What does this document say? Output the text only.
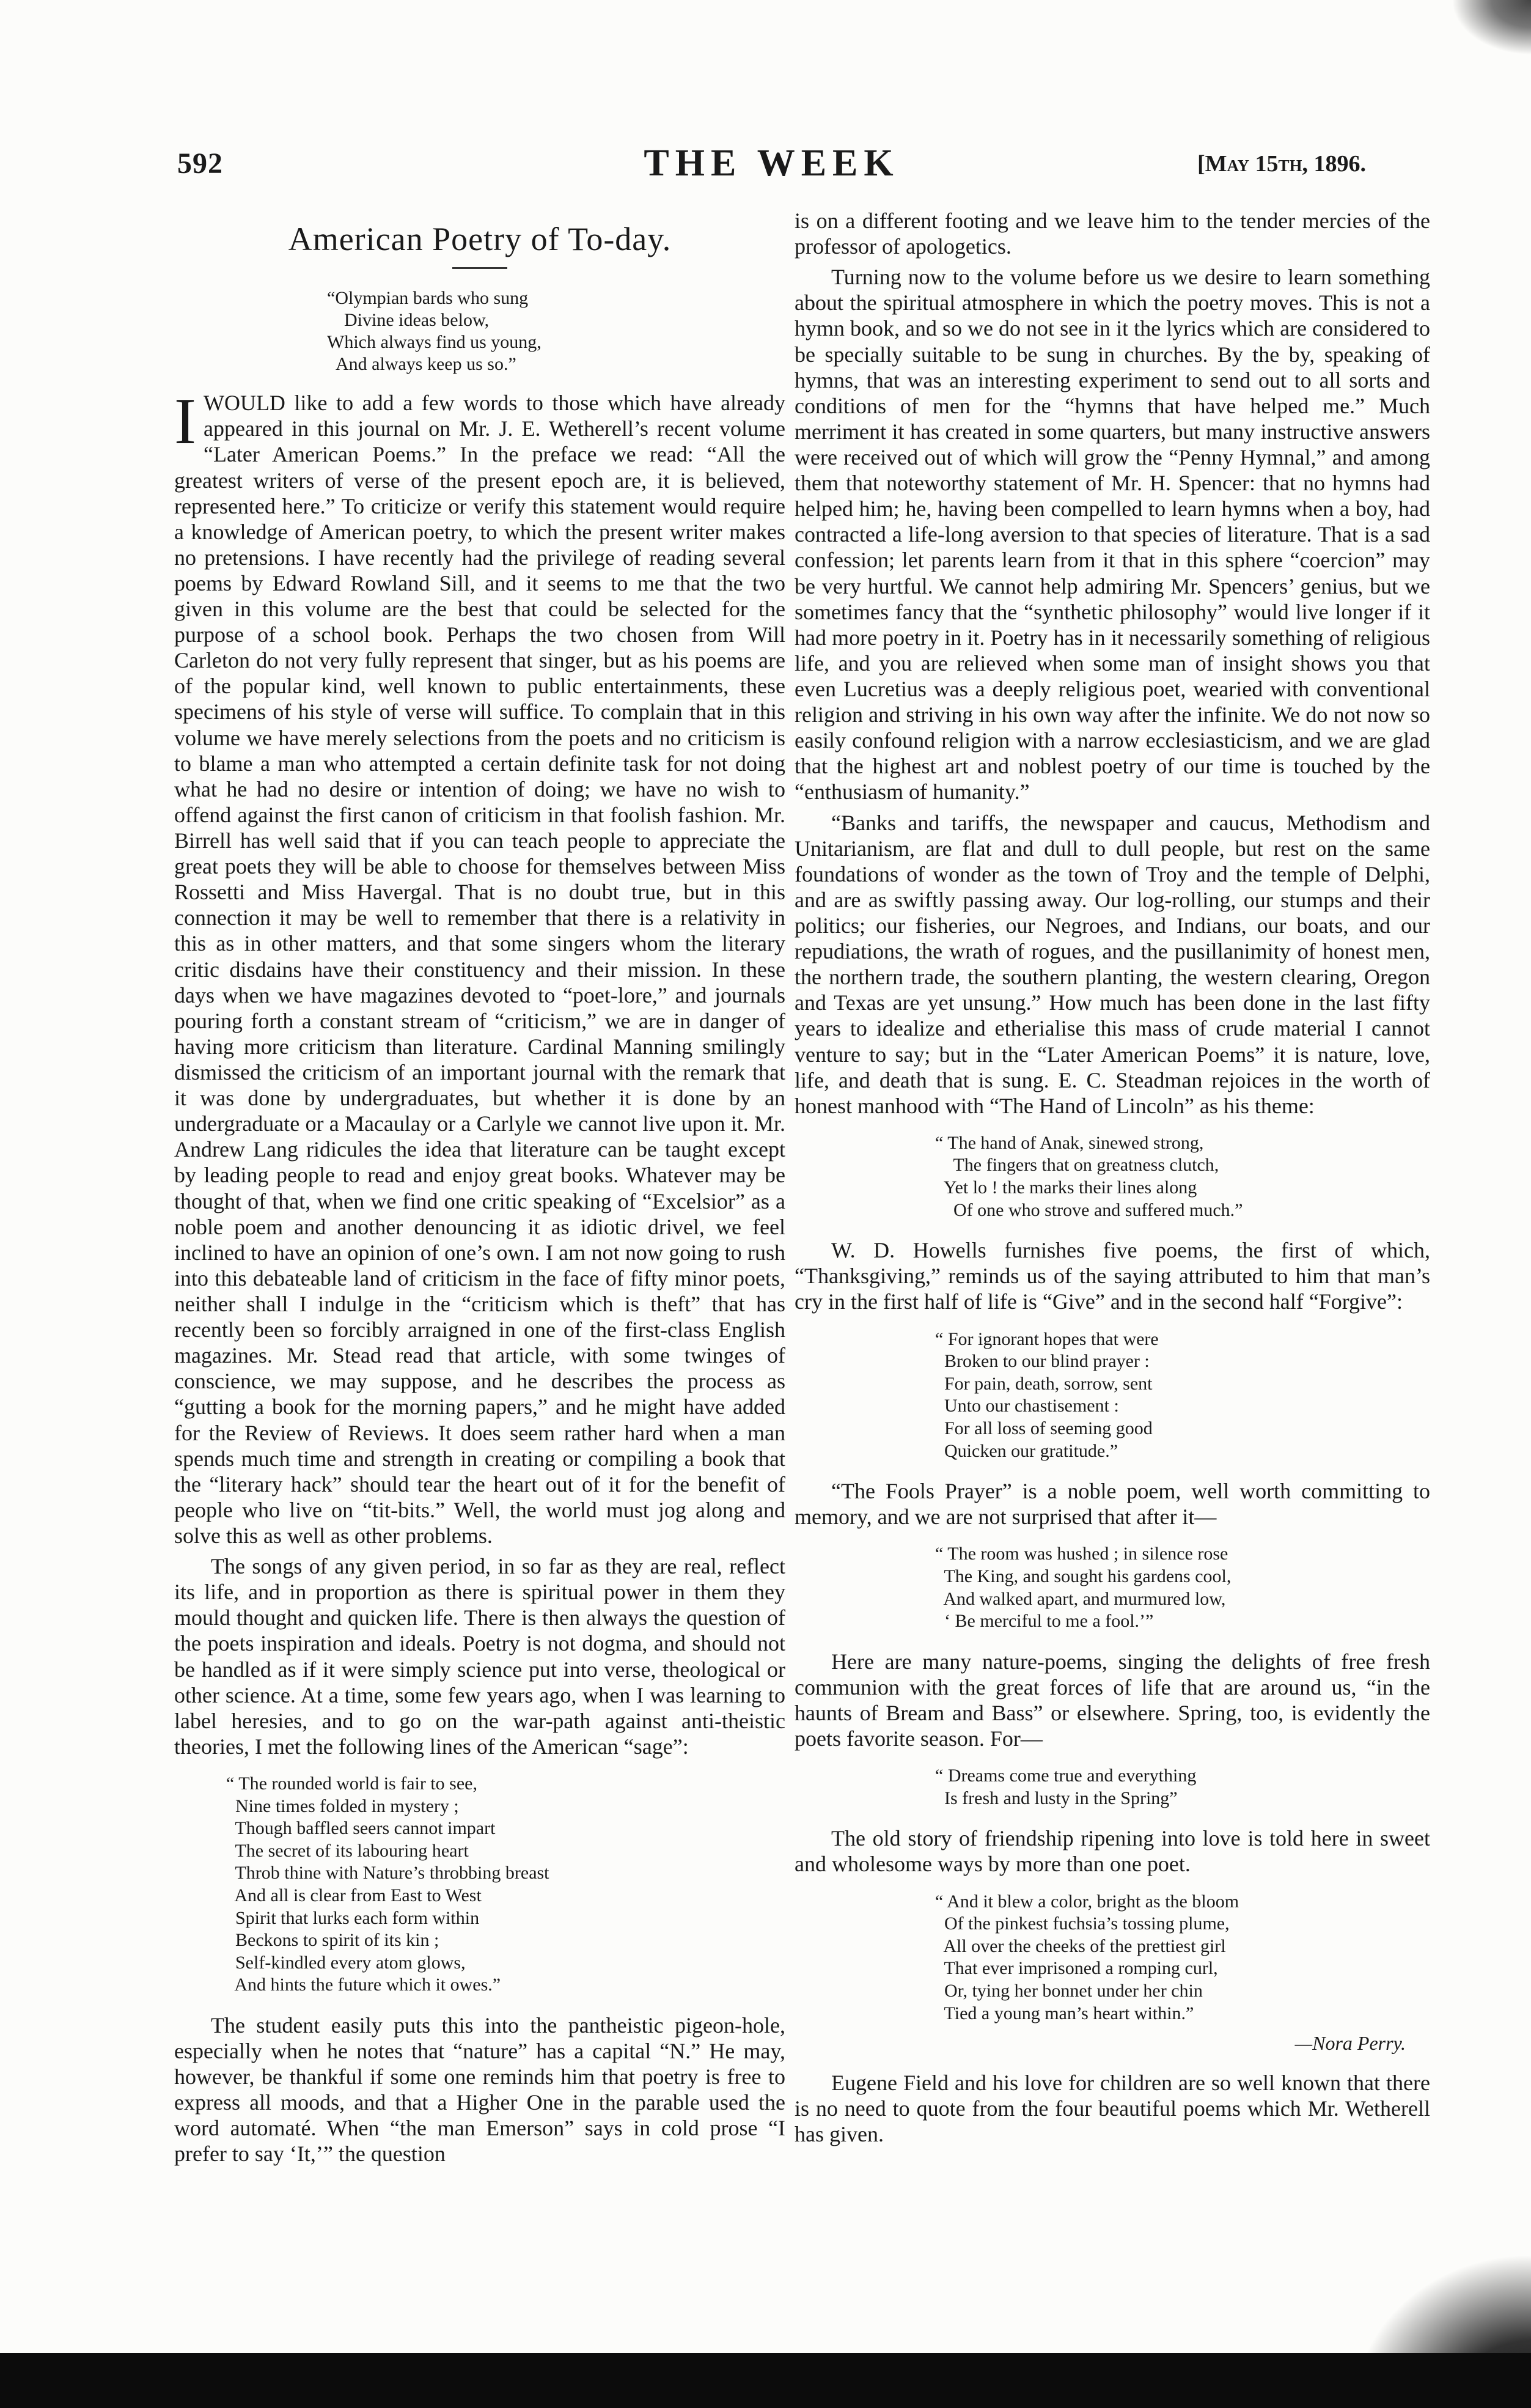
592	THE WEEK	[May 15th, 1896.
American Poetry of To-day.
“Olympian bards who sung
Divine ideas below,
Which always find us young,
And always keep us so.”

IWOULD like to add a few words to those which have already appeared in this journal on Mr. J. E. Wetherell’s recent volume “Later American Poems.” In the preface we read: “All the greatest writers of verse of the present epoch are, it is believed, represented here.” To criticize or verify this statement would require a knowledge of American poetry, to which the present writer makes no pretensions. I have recently had the privilege of reading several poems by Edward Rowland Sill, and it seems to me that the two given in this volume are the best that could be selected for the purpose of a school book. Perhaps the two chosen from Will Carleton do not very fully represent that singer, but as his poems are of the popular kind, well known to public entertainments, these specimens of his style of verse will suffice. To complain that in this volume we have merely selections from the poets and no criticism is to blame a man who attempted a certain definite task for not doing what he had no desire or intention of doing; we have no wish to offend against the first canon of criticism in that foolish fashion. Mr. Birrell has well said that if you can teach people to appreciate the great poets they will be able to choose for themselves between Miss Rossetti and Miss Havergal. That is no doubt true, but in this connection it may be well to remember that there is a relativity in this as in other matters, and that some singers whom the literary critic disdains have their constituency and their mission. In these days when we have magazines devoted to “poet-lore,” and journals pouring forth a constant stream of “criticism,” we are in danger of having more criticism than literature. Cardinal Manning smilingly dismissed the criticism of an important journal with the remark that it was done by undergraduates, but whether it is done by an undergraduate or a Macaulay or a Carlyle we cannot live upon it. Mr. Andrew Lang ridicules the idea that literature can be taught except by leading people to read and enjoy great books. Whatever may be thought of that, when we find one critic speaking of “Excelsior” as a noble poem and another denouncing it as idiotic drivel, we feel inclined to have an opinion of one’s own. I am not now going to rush into this debateable land of criticism in the face of fifty minor poets, neither shall I indulge in the “criticism which is theft” that has recently been so forcibly arraigned in one of the first-class English magazines. Mr. Stead read that article, with some twinges of conscience, we may suppose, and he describes the process as “gutting a book for the morning papers,” and he might have added for the Review of Reviews. It does seem rather hard when a man spends much time and strength in creating or compiling a book that the “literary hack” should tear the heart out of it for the benefit of people who live on “tit-bits.” Well, the world must jog along and solve this as well as other problems.

The songs of any given period, in so far as they are real, reflect its life, and in proportion as there is spiritual power in them they mould thought and quicken life. There is then always the question of the poets inspiration and ideals. Poetry is not dogma, and should not be handled as if it were simply science put into verse, theological or other science. At a time, some few years ago, when I was learning to label heresies, and to go on the war-path against anti-theistic theories, I met the following lines of the American “sage”:

“ The rounded world is fair to see,
Nine times folded in mystery ;
Though baffled seers cannot impart
The secret of its labouring heart
Throb thine with Nature’s throbbing breast
And all is clear from East to West
Spirit that lurks each form within
Beckons to spirit of its kin ;
Self-kindled every atom glows,
And hints the future which it owes.”

The student easily puts this into the pantheistic pigeon-hole, especially when he notes that “nature” has a capital “N.” He may, however, be thankful if some one reminds him that poetry is free to express all moods, and that a Higher One in the parable used the word automaté. When “the man Emerson” says in cold prose “I prefer to say ‘It,’” the question

is on a different footing and we leave him to the tender mercies of the professor of apologetics.

Turning now to the volume before us we desire to learn something about the spiritual atmosphere in which the poetry moves. This is not a hymn book, and so we do not see in it the lyrics which are considered to be specially suitable to be sung in churches. By the by, speaking of hymns, that was an interesting experiment to send out to all sorts and conditions of men for the “hymns that have helped me.” Much merriment it has created in some quarters, but many instructive answers were received out of which will grow the “Penny Hymnal,” and among them that noteworthy statement of Mr. H. Spencer: that no hymns had helped him; he, having been compelled to learn hymns when a boy, had contracted a life-long aversion to that species of literature. That is a sad confession; let parents learn from it that in this sphere “coercion” may be very hurtful. We cannot help admiring Mr. Spencers’ genius, but we sometimes fancy that the “synthetic philosophy” would live longer if it had more poetry in it. Poetry has in it necessarily something of religious life, and you are relieved when some man of insight shows you that even Lucretius was a deeply religious poet, wearied with conventional religion and striving in his own way after the infinite. We do not now so easily confound religion with a narrow ecclesiasticism, and we are glad that the highest art and noblest poetry of our time is touched by the “enthusiasm of humanity.”

“Banks and tariffs, the newspaper and caucus, Methodism and Unitarianism, are flat and dull to dull people, but rest on the same foundations of wonder as the town of Troy and the temple of Delphi, and are as swiftly passing away. Our log-rolling, our stumps and their politics; our fisheries, our Negroes, and Indians, our boats, and our repudiations, the wrath of rogues, and the pusillanimity of honest men, the northern trade, the southern planting, the western clearing, Oregon and Texas are yet unsung.” How much has been done in the last fifty years to idealize and etherialise this mass of crude material I cannot venture to say; but in the “Later American Poems” it is nature, love, life, and death that is sung. E. C. Steadman rejoices in the worth of honest manhood with “The Hand of Lincoln” as his theme:

“ The hand of Anak, sinewed strong,
The fingers that on greatness clutch,
Yet lo ! the marks their lines along
Of one who strove and suffered much.”

W. D. Howells furnishes five poems, the first of which, “Thanksgiving,” reminds us of the saying attributed to him that man’s cry in the first half of life is “Give” and in the second half “Forgive”:

“ For ignorant hopes that were
Broken to our blind prayer :
For pain, death, sorrow, sent
Unto our chastisement :
For all loss of seeming good
Quicken our gratitude.”

“The Fools Prayer” is a noble poem, well worth committing to memory, and we are not surprised that after it—

“ The room was hushed ; in silence rose
The King, and sought his gardens cool,
And walked apart, and murmured low,
‘ Be merciful to me a fool.’”

Here are many nature-poems, singing the delights of free fresh communion with the great forces of life that are around us, “in the haunts of Bream and Bass” or elsewhere. Spring, too, is evidently the poets favorite season. For—

“ Dreams come true and everything
Is fresh and lusty in the Spring”

The old story of friendship ripening into love is told here in sweet and wholesome ways by more than one poet.

“ And it blew a color, bright as the bloom
Of the pinkest fuchsia’s tossing plume,
All over the cheeks of the prettiest girl
That ever imprisoned a romping curl,
Or, tying her bonnet under her chin
Tied a young man’s heart within.”
—Nora Perry.

Eugene Field and his love for children are so well known that there is no need to quote from the four beautiful poems which Mr. Wetherell has given.
